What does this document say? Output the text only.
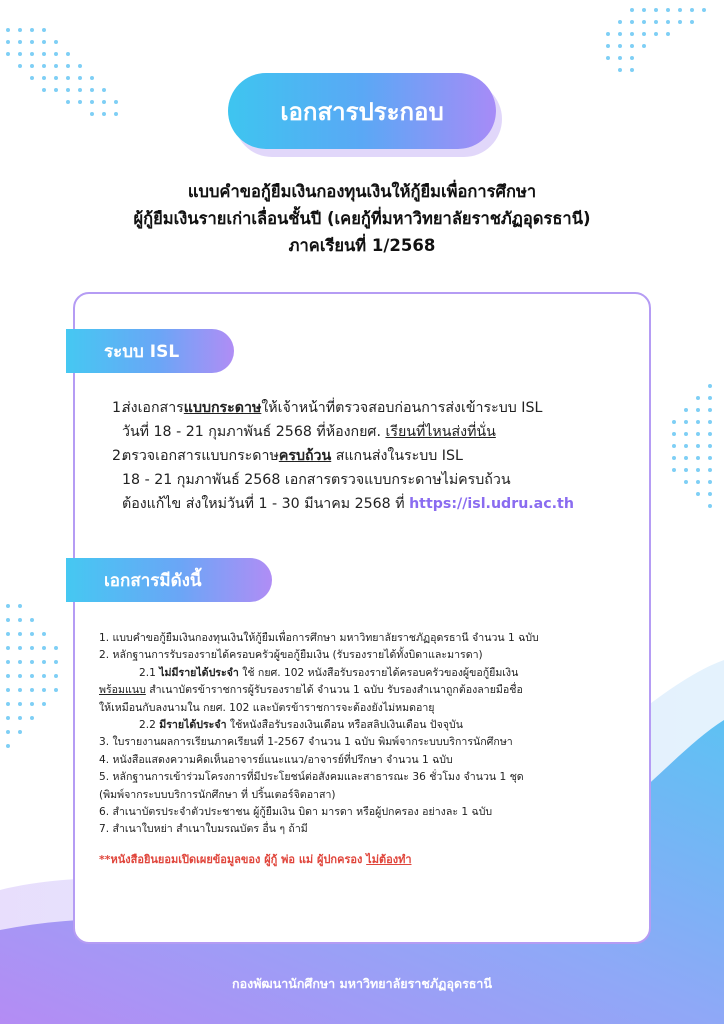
เอกสารประกอบ
แบบคำขอกู้ยืมเงินกองทุนเงินให้กู้ยืมเพื่อการศึกษา
ผู้กู้ยืมเงินรายเก่าเลื่อนชั้นปี (เคยกู้ที่มหาวิทยาลัยราชภัฏอุดรธานี)
ภาคเรียนที่ 1/2568
ระบบ ISL
1.
ส่งเอกสารแบบกระดาษให้เจ้าหน้าที่ตรวจสอบก่อนการส่งเข้าระบบ ISL
วันที่ 18 - 21 กุมภาพันธ์ 2568 ที่ห้องกยศ. เรียนที่ไหนส่งที่นั่น
2.
ตรวจเอกสารแบบกระดาษครบถ้วน สแกนส่งในระบบ ISL
18 - 21 กุมภาพันธ์ 2568 เอกสารตรวจแบบกระดาษไม่ครบถ้วน
ต้องแก้ไข ส่งใหม่วันที่ 1 - 30 มีนาคม 2568 ที่ https://isl.udru.ac.th
เอกสารมีดังนี้
1. แบบคำขอกู้ยืมเงินกองทุนเงินให้กู้ยืมเพื่อการศึกษา มหาวิทยาลัยราชภัฏอุดรธานี จำนวน 1 ฉบับ
2. หลักฐานการรับรองรายได้ครอบครัวผู้ขอกู้ยืมเงิน (รับรองรายได้ทั้งบิดาและมารดา)
2.1 ไม่มีรายได้ประจำ ใช้ กยศ. 102 หนังสือรับรองรายได้ครอบครัวของผู้ขอกู้ยืมเงิน
พร้อมแนบ สำเนาบัตรข้าราชการผู้รับรองรายได้ จำนวน 1 ฉบับ รับรองสำเนาถูกต้องลายมือชื่อ
ให้เหมือนกับลงนามใน กยศ. 102 และบัตรข้าราชการจะต้องยังไม่หมดอายุ
2.2 มีรายได้ประจำ ใช้หนังสือรับรองเงินเดือน หรือสลิปเงินเดือน ปัจจุบัน
3. ใบรายงานผลการเรียนภาคเรียนที่ 1-2567 จำนวน 1 ฉบับ พิมพ์จากระบบบริการนักศึกษา
4. หนังสือแสดงความคิดเห็นอาจารย์แนะแนว/อาจารย์ที่ปรึกษา จำนวน 1 ฉบับ
5. หลักฐานการเข้าร่วมโครงการที่มีประโยชน์ต่อสังคมและสาธารณะ 36 ชั่วโมง จำนวน 1 ชุด
(พิมพ์จากระบบบริการนักศึกษา ที่ ปริ้นเตอร์จิตอาสา)
6. สำเนาบัตรประจำตัวประชาชน ผู้กู้ยืมเงิน บิดา มารดา หรือผู้ปกครอง อย่างละ 1 ฉบับ
7. สำเนาใบหย่า สำเนาใบมรณบัตร อื่น ๆ ถ้ามี
**หนังสือยินยอมเปิดเผยข้อมูลของ ผู้กู้ พ่อ แม่ ผู้ปกครอง ไม่ต้องทำ
กองพัฒนานักศึกษา มหาวิทยาลัยราชภัฏอุดรธานี
